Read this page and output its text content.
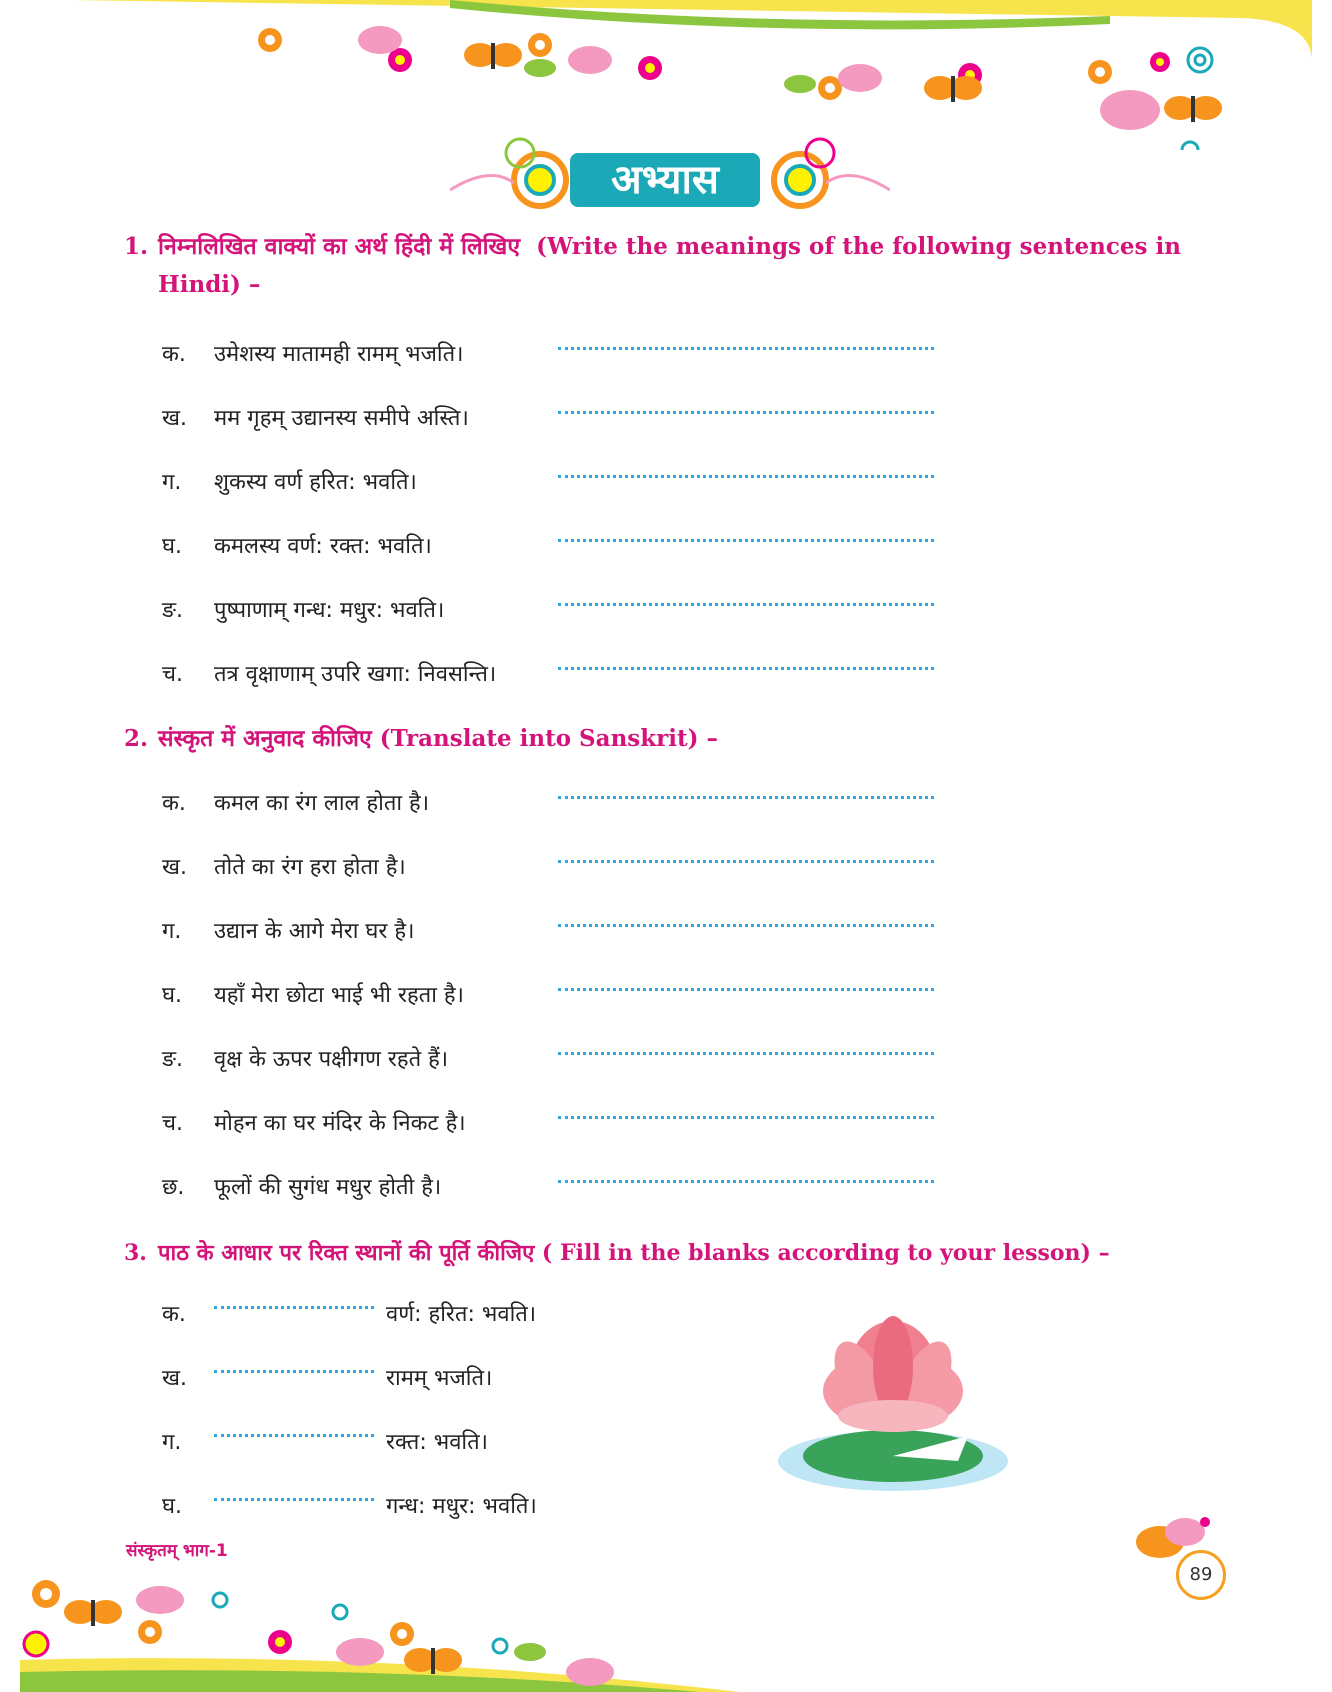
अभ्यास
1. निम्नलिखित वाक्यों का अर्थ हिंदी में लिखिए (Write the meanings of the following sentences in
Hindi) –
क. उमेशस्य मातामही रामम् भजति।
ख. मम गृहम् उद्यानस्य समीपे अस्ति।
ग. शुकस्य वर्ण हरित: भवति।
घ. कमलस्य वर्ण: रक्त: भवति।
ङ. पुष्पाणाम् गन्ध: मधुर: भवति।
च. तत्र वृक्षाणाम् उपरि खगा: निवसन्ति।
2. संस्कृत में अनुवाद कीजिए (Translate into Sanskrit) –
क. कमल का रंग लाल होता है।
ख. तोते का रंग हरा होता है।
ग. उद्यान के आगे मेरा घर है।
घ. यहाँ मेरा छोटा भाई भी रहता है।
ङ. वृक्ष के ऊपर पक्षीगण रहते हैं।
च. मोहन का घर मंदिर के निकट है।
छ. फूलों की सुगंध मधुर होती है।
3. पाठ के आधार पर रिक्त स्थानों की पूर्ति कीजिए ( Fill in the blanks according to your lesson) –
क.	वर्ण: हरित: भवति।
ख.	रामम् भजति।
ग.	रक्त: भवति।
घ.	गन्ध: मधुर: भवति।
संस्कृतम् भाग-1
89
